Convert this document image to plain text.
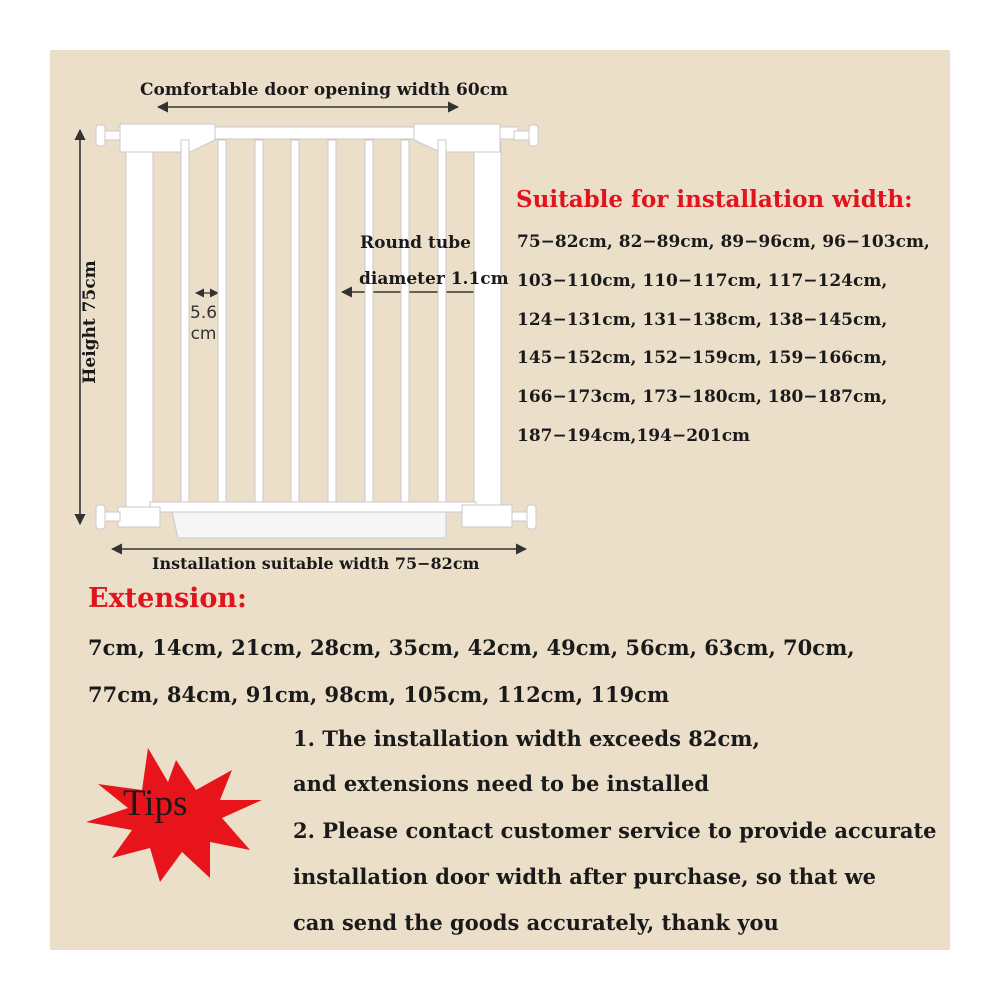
Comfortable door opening width 60cm
Installation suitable width 75−82cm
Height 75cm
Round tube
diameter 1.1cm
5.6
cm
Suitable for installation width:
75−82cm, 82−89cm, 89−96cm, 96−103cm,
103−110cm, 110−117cm, 117−124cm,
124−131cm, 131−138cm, 138−145cm,
145−152cm, 152−159cm, 159−166cm,
166−173cm, 173−180cm, 180−187cm,
187−194cm,194−201cm
Extension:
7cm, 14cm, 21cm, 28cm, 35cm, 42cm, 49cm, 56cm, 63cm, 70cm,
77cm, 84cm, 91cm, 98cm, 105cm, 112cm, 119cm
Tips
1. The installation width exceeds 82cm,
and extensions need to be installed
2. Please contact customer service to provide accurate
installation door width after purchase, so that we
can send the goods accurately, thank you
